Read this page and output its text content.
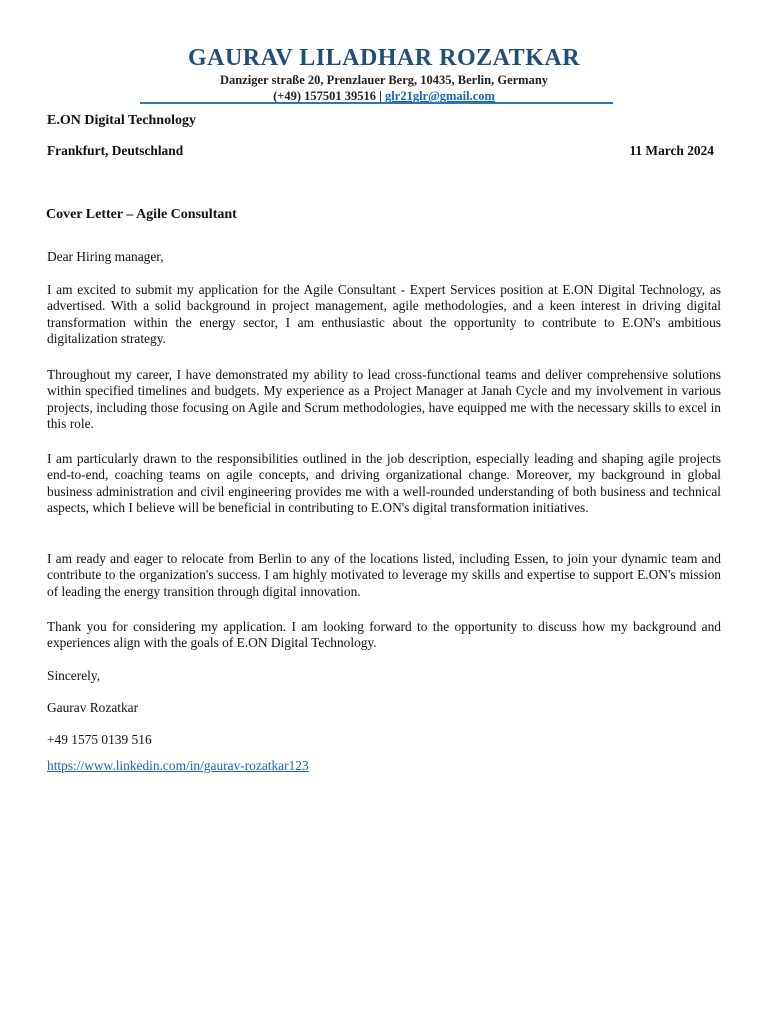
GAURAV LILADHAR ROZATKAR
Danziger straße 20, Prenzlauer Berg, 10435, Berlin, Germany
(+49) 157501 39516 | glr21glr@gmail.com
E.ON Digital Technology
Frankfurt, Deutschland	11 March 2024
Cover Letter – Agile Consultant
Dear Hiring manager,
I am excited to submit my application for the Agile Consultant - Expert Services position at E.ON Digital Technology, as advertised. With a solid background in project management, agile methodologies, and a keen interest in driving digital transformation within the energy sector, I am enthusiastic about the opportunity to contribute to E.ON's ambitious digitalization strategy.
Throughout my career, I have demonstrated my ability to lead cross-functional teams and deliver comprehensive solutions within specified timelines and budgets. My experience as a Project Manager at Janah Cycle and my involvement in various projects, including those focusing on Agile and Scrum methodologies, have equipped me with the necessary skills to excel in this role.
I am particularly drawn to the responsibilities outlined in the job description, especially leading and shaping agile projects end-to-end, coaching teams on agile concepts, and driving organizational change. Moreover, my background in global business administration and civil engineering provides me with a well-rounded understanding of both business and technical aspects, which I believe will be beneficial in contributing to E.ON's digital transformation initiatives.
I am ready and eager to relocate from Berlin to any of the locations listed, including Essen, to join your dynamic team and contribute to the organization's success. I am highly motivated to leverage my skills and expertise to support E.ON's mission of leading the energy transition through digital innovation.
Thank you for considering my application. I am looking forward to the opportunity to discuss how my background and experiences align with the goals of E.ON Digital Technology.
Sincerely,
Gaurav Rozatkar
+49 1575 0139 516
https://www.linkedin.com/in/gaurav-rozatkar123
